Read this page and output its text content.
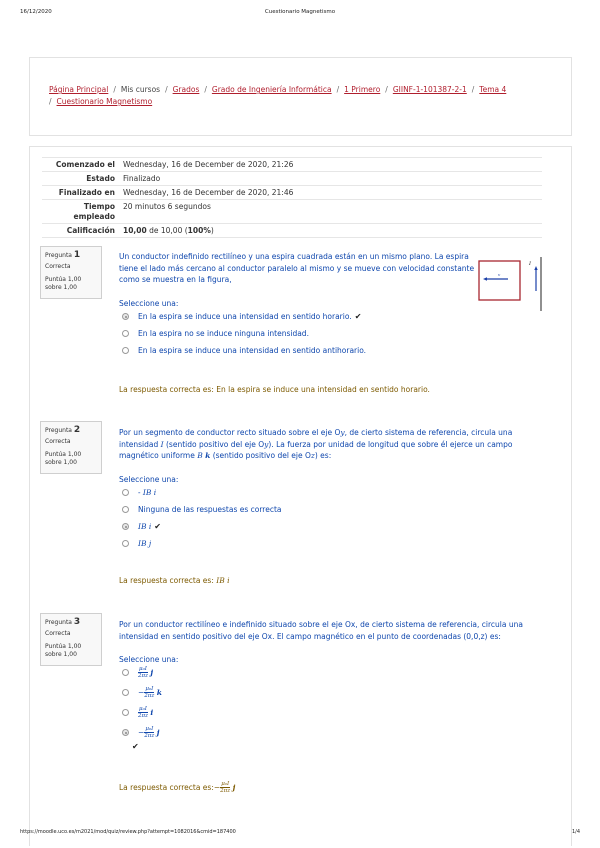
16/12/2020	Cuestionario Magnetismo
Página Principal / Mis cursos / Grados / Grado de Ingeniería Informática / 1 Primero / GIINF-1-101387-2-1 / Tema 4
/ Cuestionario Magnetismo
Comenzado el	Wednesday, 16 de December de 2020, 21:26
Estado	Finalizado
Finalizado en	Wednesday, 16 de December de 2020, 21:46
Tiempo empleado	20 minutos 6 segundos
Calificación	10,00 de 10,00 (100%)
Pregunta 1
Correcta
Puntúa 1,00 sobre 1,00
Un conductor indefinido rectilíneo y una espira cuadrada están en un mismo plano. La espira tiene el lado más cercano al conductor paralelo al mismo y se mueve con velocidad constante como se muestra en la figura,
v
I
Seleccione una:
En la espira se induce una intensidad en sentido horario. ✔
En la espira no se induce ninguna intensidad.
En la espira se induce una intensidad en sentido antihorario.
La respuesta correcta es: En la espira se induce una intensidad en sentido horario.
Pregunta 2
Correcta
Puntúa 1,00 sobre 1,00
Por un segmento de conductor recto situado sobre el eje Oy, de cierto sistema de referencia, circula una intensidad I (sentido positivo del eje Oy). La fuerza por unidad de longitud que sobre él ejerce un campo magnético uniforme B k (sentido positivo del eje Oz) es:
Seleccione una:
- IB i
Ninguna de las respuestas es correcta
IB i ✔
IB j
La respuesta correcta es: IB i
Pregunta 3
Correcta
Puntúa 1,00 sobre 1,00
Por un conductor rectilíneo e indefinido situado sobre el eje Ox, de cierto sistema de referencia, circula una intensidad en sentido positivo del eje Ox. El campo magnético en el punto de coordenadas (0,0,z) es:
Seleccione una:
$\frac{\text{μ₀I}}{2\pi z}$
j
− $\frac{\text{μ₀I}}{2\pi z}$
k
$\frac{\text{μ₀I}}{2\pi z}$
i
− $\frac{\text{μ₀I}}{2\pi z}$
j
✔
La respuesta correcta es: − $\frac{\text{μ₀I}}{2\pi z}$
j
https://moodle.uco.es/m2021/mod/quiz/review.php?attempt=1082016&cmid=187400	1/4
